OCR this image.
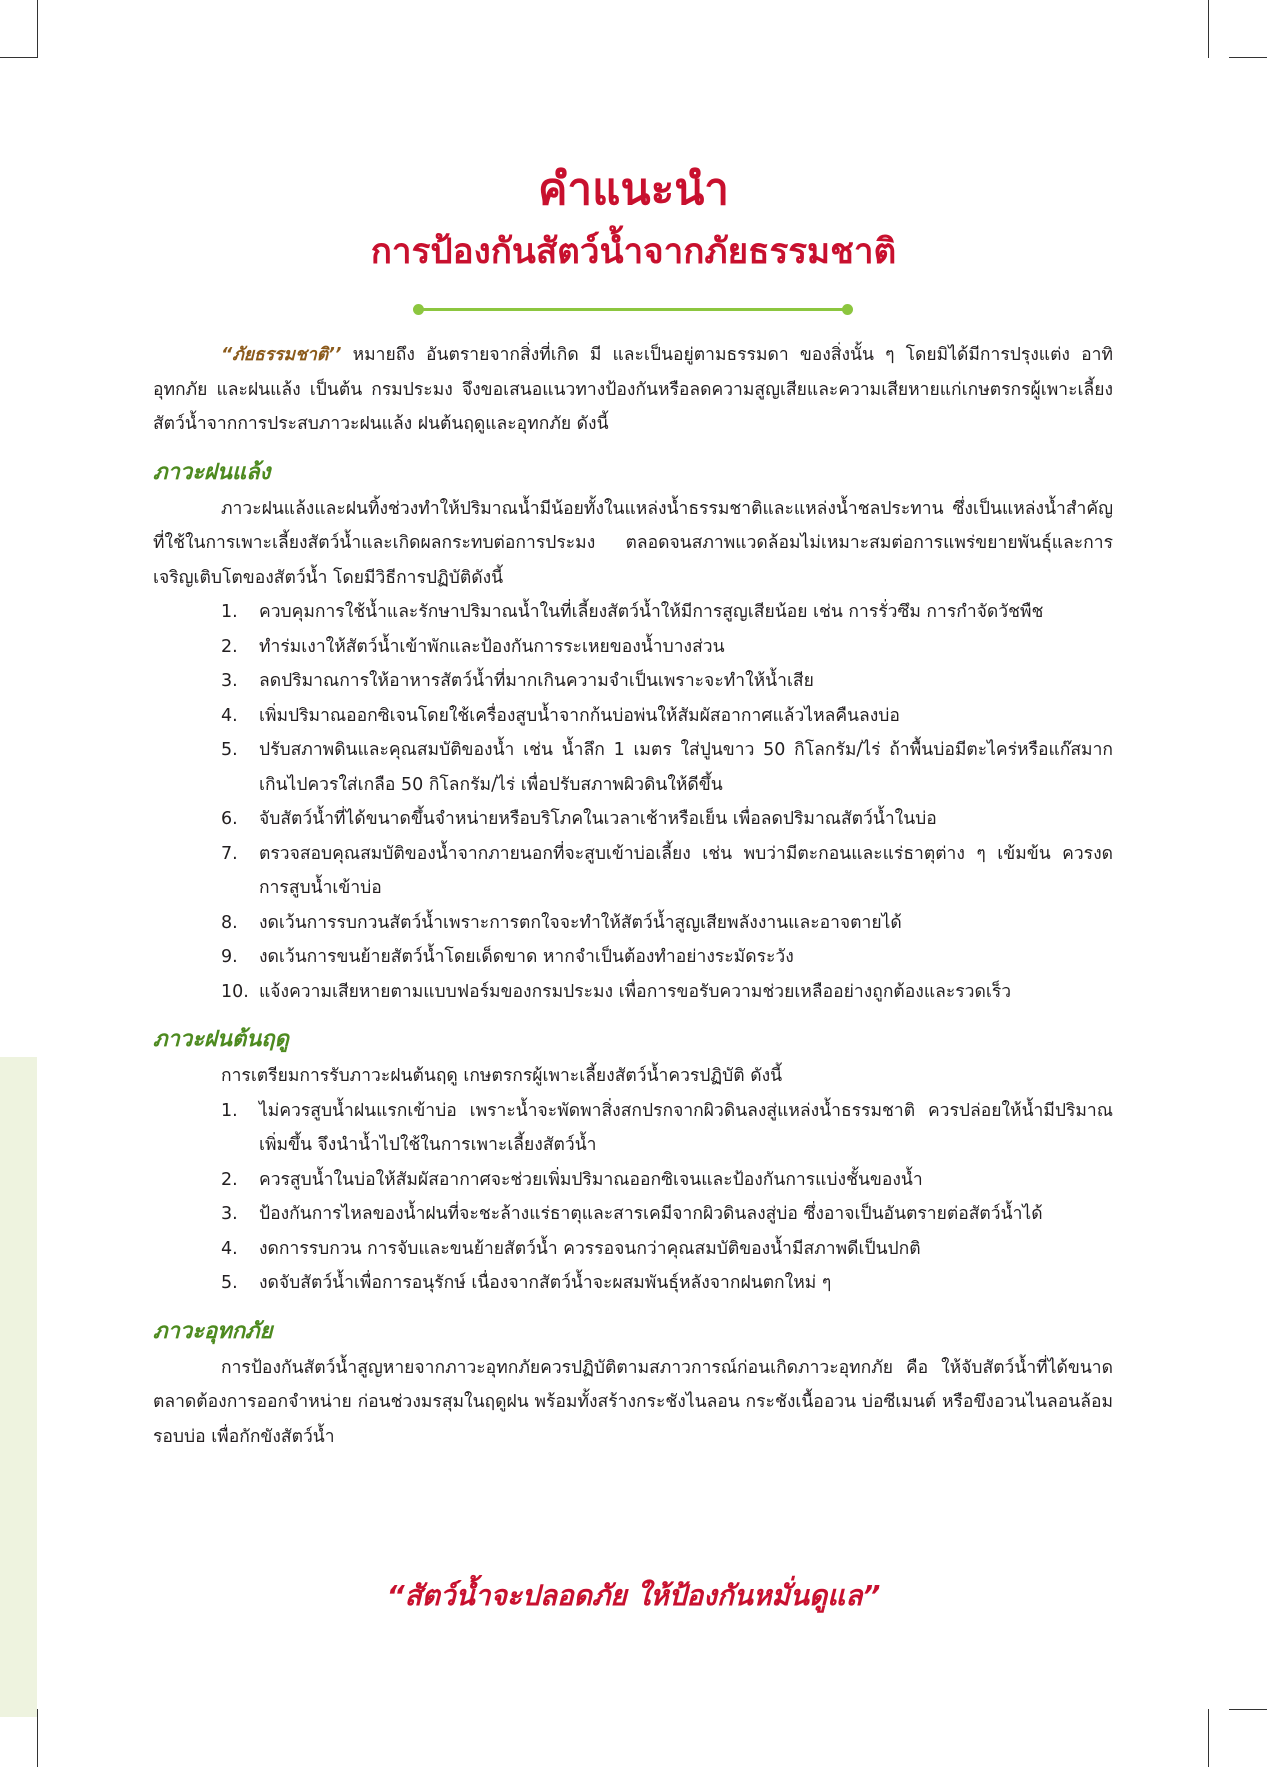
คำแนะนำ
การป้องกันสัตว์น้ำจากภัยธรรมชาติ

“ภัยธรรมชาติ’’ หมายถึง อันตรายจากสิ่งที่เกิด มี และเป็นอยู่ตามธรรมดา ของสิ่งนั้น ๆ โดยมิได้มีการปรุงแต่ง อาทิ อุทกภัย และฝนแล้ง เป็นต้น กรมประมง จึงขอเสนอแนวทางป้องกันหรือลดความสูญเสียและความเสียหายแก่เกษตรกรผู้เพาะเลี้ยงสัตว์น้ำจากการประสบภาวะฝนแล้ง ฝนต้นฤดูและอุทกภัย ดังนี้

ภาวะฝนแล้ง

ภาวะฝนแล้งและฝนทิ้งช่วงทำให้ปริมาณน้ำมีน้อยทั้งในแหล่งน้ำธรรมชาติและแหล่งน้ำชลประทาน ซึ่งเป็นแหล่งน้ำสำคัญที่ใช้ในการเพาะเลี้ยงสัตว์น้ำและเกิดผลกระทบต่อการประมง ตลอดจนสภาพแวดล้อมไม่เหมาะสมต่อการแพร่ขยายพันธุ์และการเจริญเติบโตของสัตว์น้ำ โดยมีวิธีการปฏิบัติดังนี้

1.	ควบคุมการใช้น้ำและรักษาปริมาณน้ำในที่เลี้ยงสัตว์น้ำให้มีการสูญเสียน้อย เช่น การรั่วซึม การกำจัดวัชพืช
2.	ทำร่มเงาให้สัตว์น้ำเข้าพักและป้องกันการระเหยของน้ำบางส่วน
3.	ลดปริมาณการให้อาหารสัตว์น้ำที่มากเกินความจำเป็นเพราะจะทำให้น้ำเสีย
4.	เพิ่มปริมาณออกซิเจนโดยใช้เครื่องสูบน้ำจากก้นบ่อพ่นให้สัมผัสอากาศแล้วไหลคืนลงบ่อ
5.	ปรับสภาพดินและคุณสมบัติของน้ำ เช่น น้ำลึก 1 เมตร ใส่ปูนขาว 50 กิโลกรัม/ไร่ ถ้าพื้นบ่อมีตะไคร่หรือแก๊สมากเกินไปควรใส่เกลือ 50 กิโลกรัม/ไร่ เพื่อปรับสภาพผิวดินให้ดีขึ้น
6.	จับสัตว์น้ำที่ได้ขนาดขึ้นจำหน่ายหรือบริโภคในเวลาเช้าหรือเย็น เพื่อลดปริมาณสัตว์น้ำในบ่อ
7.	ตรวจสอบคุณสมบัติของน้ำจากภายนอกที่จะสูบเข้าบ่อเลี้ยง เช่น พบว่ามีตะกอนและแร่ธาตุต่าง ๆ เข้มข้น ควรงดการสูบน้ำเข้าบ่อ
8.	งดเว้นการรบกวนสัตว์น้ำเพราะการตกใจจะทำให้สัตว์น้ำสูญเสียพลังงานและอาจตายได้
9.	งดเว้นการขนย้ายสัตว์น้ำโดยเด็ดขาด หากจำเป็นต้องทำอย่างระมัดระวัง
10. แจ้งความเสียหายตามแบบฟอร์มของกรมประมง เพื่อการขอรับความช่วยเหลืออย่างถูกต้องและรวดเร็ว
ภาวะฝนต้นฤดู

การเตรียมการรับภาวะฝนต้นฤดู เกษตรกรผู้เพาะเลี้ยงสัตว์น้ำควรปฏิบัติ ดังนี้

1.	ไม่ควรสูบน้ำฝนแรกเข้าบ่อ เพราะน้ำจะพัดพาสิ่งสกปรกจากผิวดินลงสู่แหล่งน้ำธรรมชาติ ควรปล่อยให้น้ำมีปริมาณเพิ่มขึ้น จึงนำน้ำไปใช้ในการเพาะเลี้ยงสัตว์น้ำ
2.	ควรสูบน้ำในบ่อให้สัมผัสอากาศจะช่วยเพิ่มปริมาณออกซิเจนและป้องกันการแบ่งชั้นของน้ำ
3.	ป้องกันการไหลของน้ำฝนที่จะชะล้างแร่ธาตุและสารเคมีจากผิวดินลงสู่บ่อ ซึ่งอาจเป็นอันตรายต่อสัตว์น้ำได้
4.	งดการรบกวน การจับและขนย้ายสัตว์น้ำ ควรรอจนกว่าคุณสมบัติของน้ำมีสภาพดีเป็นปกติ
5.	งดจับสัตว์น้ำเพื่อการอนุรักษ์ เนื่องจากสัตว์น้ำจะผสมพันธุ์หลังจากฝนตกใหม่ ๆ
ภาวะอุทกภัย

การป้องกันสัตว์น้ำสูญหายจากภาวะอุทกภัยควรปฏิบัติตามสภาวการณ์ก่อนเกิดภาวะอุทกภัย คือ ให้จับสัตว์น้ำที่ได้ขนาดตลาดต้องการออกจำหน่าย ก่อนช่วงมรสุมในฤดูฝน พร้อมทั้งสร้างกระชังไนลอน กระชังเนื้ออวน บ่อซีเมนต์ หรือขึงอวนไนลอนล้อมรอบบ่อ เพื่อกักขังสัตว์น้ำ

“สัตว์น้ำจะปลอดภัย ให้ป้องกันหมั่นดูแล”
